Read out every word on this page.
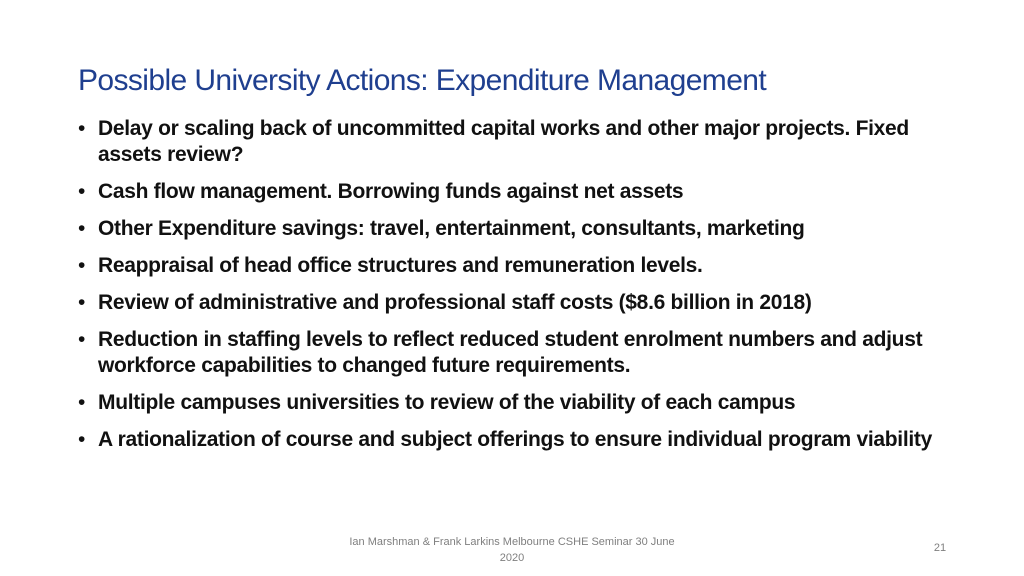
Possible University Actions: Expenditure Management
• Delay or scaling back of uncommitted capital works and other major projects. Fixed assets review?
• Cash flow management. Borrowing funds against net assets
• Other Expenditure savings: travel, entertainment, consultants, marketing
• Reappraisal of head office structures and remuneration levels.
• Review of administrative and professional staff costs ($8.6 billion in 2018)
• Reduction in staffing levels to reflect reduced student enrolment numbers and adjust workforce capabilities to changed future requirements.
• Multiple campuses universities to review of the viability of each campus
• A rationalization of course and subject offerings to ensure individual program viability
Ian Marshman & Frank Larkins Melbourne CSHE Seminar 30 June 2020
21
